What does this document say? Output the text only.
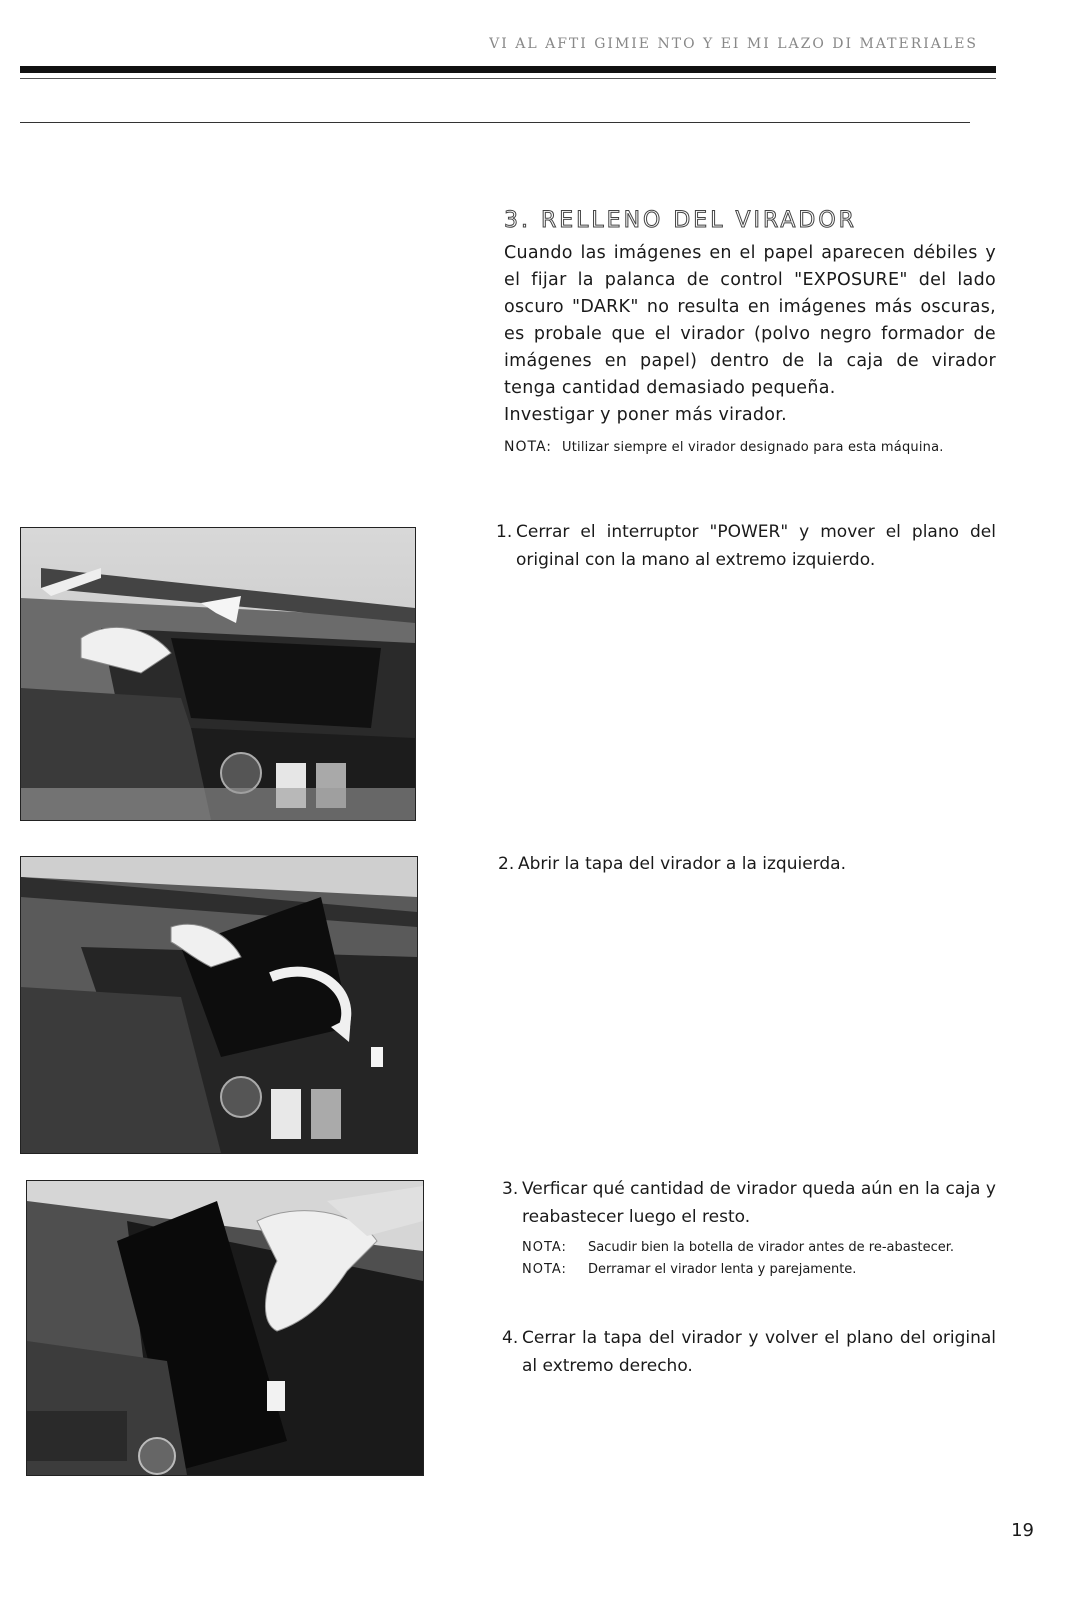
VI AL AFTI GIMIE NTO Y EI MI LAZO DI MATERIALES
3. RELLENO DEL VIRADOR

Cuando las imágenes en el papel aparecen débiles y el fijar la palanca de control "EXPOSURE" del lado oscuro "DARK" no resulta en imágenes más oscuras, es probale que el virador (polvo negro formador de imágenes en papel) dentro de la caja de virador tenga cantidad demasiado pequeña.

Investigar y poner más virador.

NOTA: Utilizar siempre el virador designado para esta máquina.
1. Cerrar el interruptor "POWER" y mover el plano del original con la mano al extremo izquierdo.

2. Abrir la tapa del virador a la izquierda.

3. Verficar qué cantidad de virador queda aún en la caja y reabastecer luego el resto.

NOTA:	Sacudir bien la botella de virador antes de re-abastecer.
NOTA:	Derramar el virador lenta y parejamente.
4. Cerrar la tapa del virador y volver el plano del original al extremo derecho.

19
